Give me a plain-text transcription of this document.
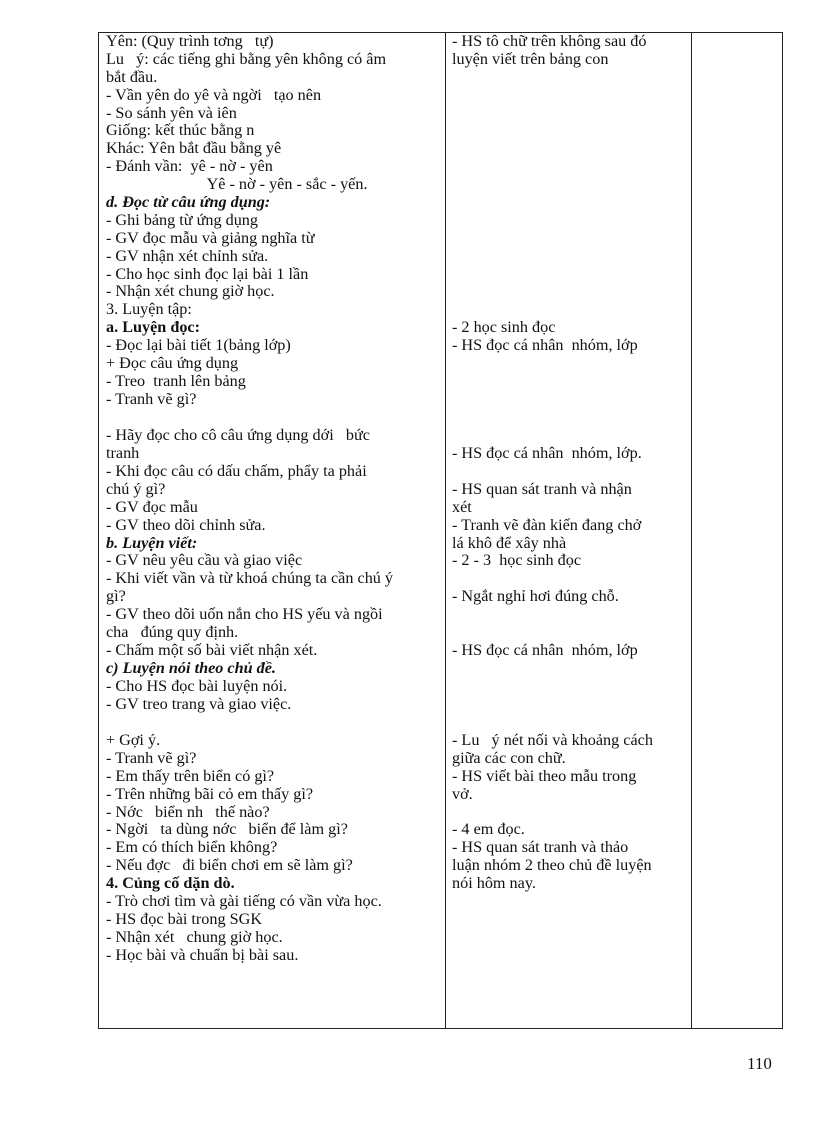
Yên: (Quy trình tơng   tự)
Lu   ý: các tiếng ghi bằng yên không có âm
bắt đầu.
- Vần yên do yê và ngời   tạo nên
- So sánh yên và iên
Giống: kết thúc bằng n
Khác: Yên bắt đầu bằng yê
- Đánh vần:  yê - nờ - yên
Yê - nờ - yên - sắc - yến.
d. Đọc từ câu ứng dụng:
- Ghi bảng từ ứng dụng
- GV đọc mẫu và giảng nghĩa từ
- GV nhận xét chỉnh sửa.
- Cho học sinh đọc lại bài 1 lần
- Nhận xét chung giờ học.
3. Luyện tập:
a. Luyện đọc:
- Đọc lại bài tiết 1(bảng lớp)
+ Đọc câu ứng dụng
- Treo  tranh lên bảng
- Tranh vẽ gì?
- Hãy đọc cho cô câu ứng dụng dới   bức
tranh
- Khi đọc câu có dấu chấm, phẩy ta phải
chú ý gì?
- GV đọc mẫu
- GV theo dõi chỉnh sửa.
b. Luyện viết:
- GV nêu yêu cầu và giao việc
- Khi viết vần và từ khoá chúng ta cần chú ý
gì?
- GV theo dõi uốn nắn cho HS yếu và ngồi
cha   đúng quy định.
- Chấm một số bài viết nhận xét.
c) Luyện nói theo chủ đề.
- Cho HS đọc bài luyện nói.
- GV treo trang và giao việc.
+ Gợi ý.
- Tranh vẽ gì?
- Em thấy trên biển có gì?
- Trên những bãi cỏ em thấy gì?
- Nớc   biển nh   thế nào?
- Ngời   ta dùng nớc   biển để làm gì?
- Em có thích biển không?
- Nếu đợc   đi biển chơi em sẽ làm gì?
4. Củng cố dặn dò.
- Trò chơi tìm và gài tiếng có vần vừa học.
- HS đọc bài trong SGK
- Nhận xét   chung giờ học.
- Học bài và chuẩn bị bài sau.
- HS tô chữ trên không sau đó
luyện viết trên bảng con
- 2 học sinh đọc
- HS đọc cá nhân  nhóm, lớp
- HS đọc cá nhân  nhóm, lớp.
- HS quan sát tranh và nhận
xét
- Tranh vẽ đàn kiến đang chở
lá khô để xây nhà
- 2 - 3  học sinh đọc
- Ngắt nghỉ hơi đúng chỗ.
- HS đọc cá nhân  nhóm, lớp
- Lu   ý nét nối và khoảng cách
giữa các con chữ.
- HS viết bài theo mẫu trong
vở.
- 4 em đọc.
- HS quan sát tranh và thảo
luận nhóm 2 theo chủ đề luyện
nói hôm nay.
110
